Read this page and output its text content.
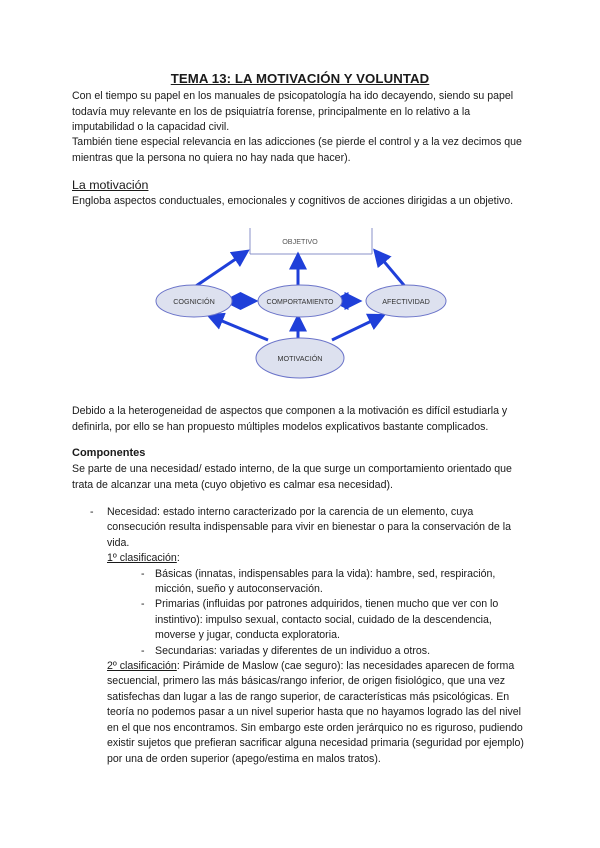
TEMA 13: LA MOTIVACIÓN Y VOLUNTAD
Con el tiempo su papel en los manuales de psicopatología ha ido decayendo, siendo su papel todavía muy relevante en los de psiquiatría forense, principalmente en lo relativo a la imputabilidad o la capacidad civil.
También tiene especial relevancia en las adicciones (se pierde el control y a la vez decimos que mientras que la persona no quiera no hay nada que hacer).
La motivación
Engloba aspectos conductuales, emocionales y cognitivos de acciones dirigidas a un objetivo.
OBJETIVO
COGNICIÓN	COMPORTAMIENTO	AFECTIVIDAD
MOTIVACIÓN
Debido a la heterogeneidad de aspectos que componen a la motivación es difícil estudiarla y definirla, por ello se han propuesto múltiples modelos explicativos bastante complicados.
Componentes
Se parte de una necesidad/ estado interno, de la que surge un comportamiento orientado que trata de alcanzar una meta (cuyo objetivo es calmar esa necesidad).
-	Necesidad: estado interno caracterizado por la carencia de un elemento, cuya consecución resulta indispensable para vivir en bienestar o para la conservación de la vida.
1º clasificación:
- Básicas (innatas, indispensables para la vida): hambre, sed, respiración, micción, sueño y autoconservación.
- Primarias (influidas por patrones adquiridos, tienen mucho que ver con lo instintivo): impulso sexual, contacto social, cuidado de la descendencia, moverse y jugar, conducta exploratoria.
- Secundarias: variadas y diferentes de un individuo a otros.
2º clasificación: Pirámide de Maslow (cae seguro): las necesidades aparecen de forma secuencial, primero las más básicas/rango inferior, de origen fisiológico, que una vez satisfechas dan lugar a las de rango superior, de características más psicológicas. En teoría no podemos pasar a un nivel superior hasta que no hayamos logrado las del nivel en el que nos encontramos. Sin embargo este orden jerárquico no es riguroso, pudiendo existir sujetos que prefieran sacrificar alguna necesidad primaria (seguridad por ejemplo) por una de orden superior (apego/estima en malos tratos).
